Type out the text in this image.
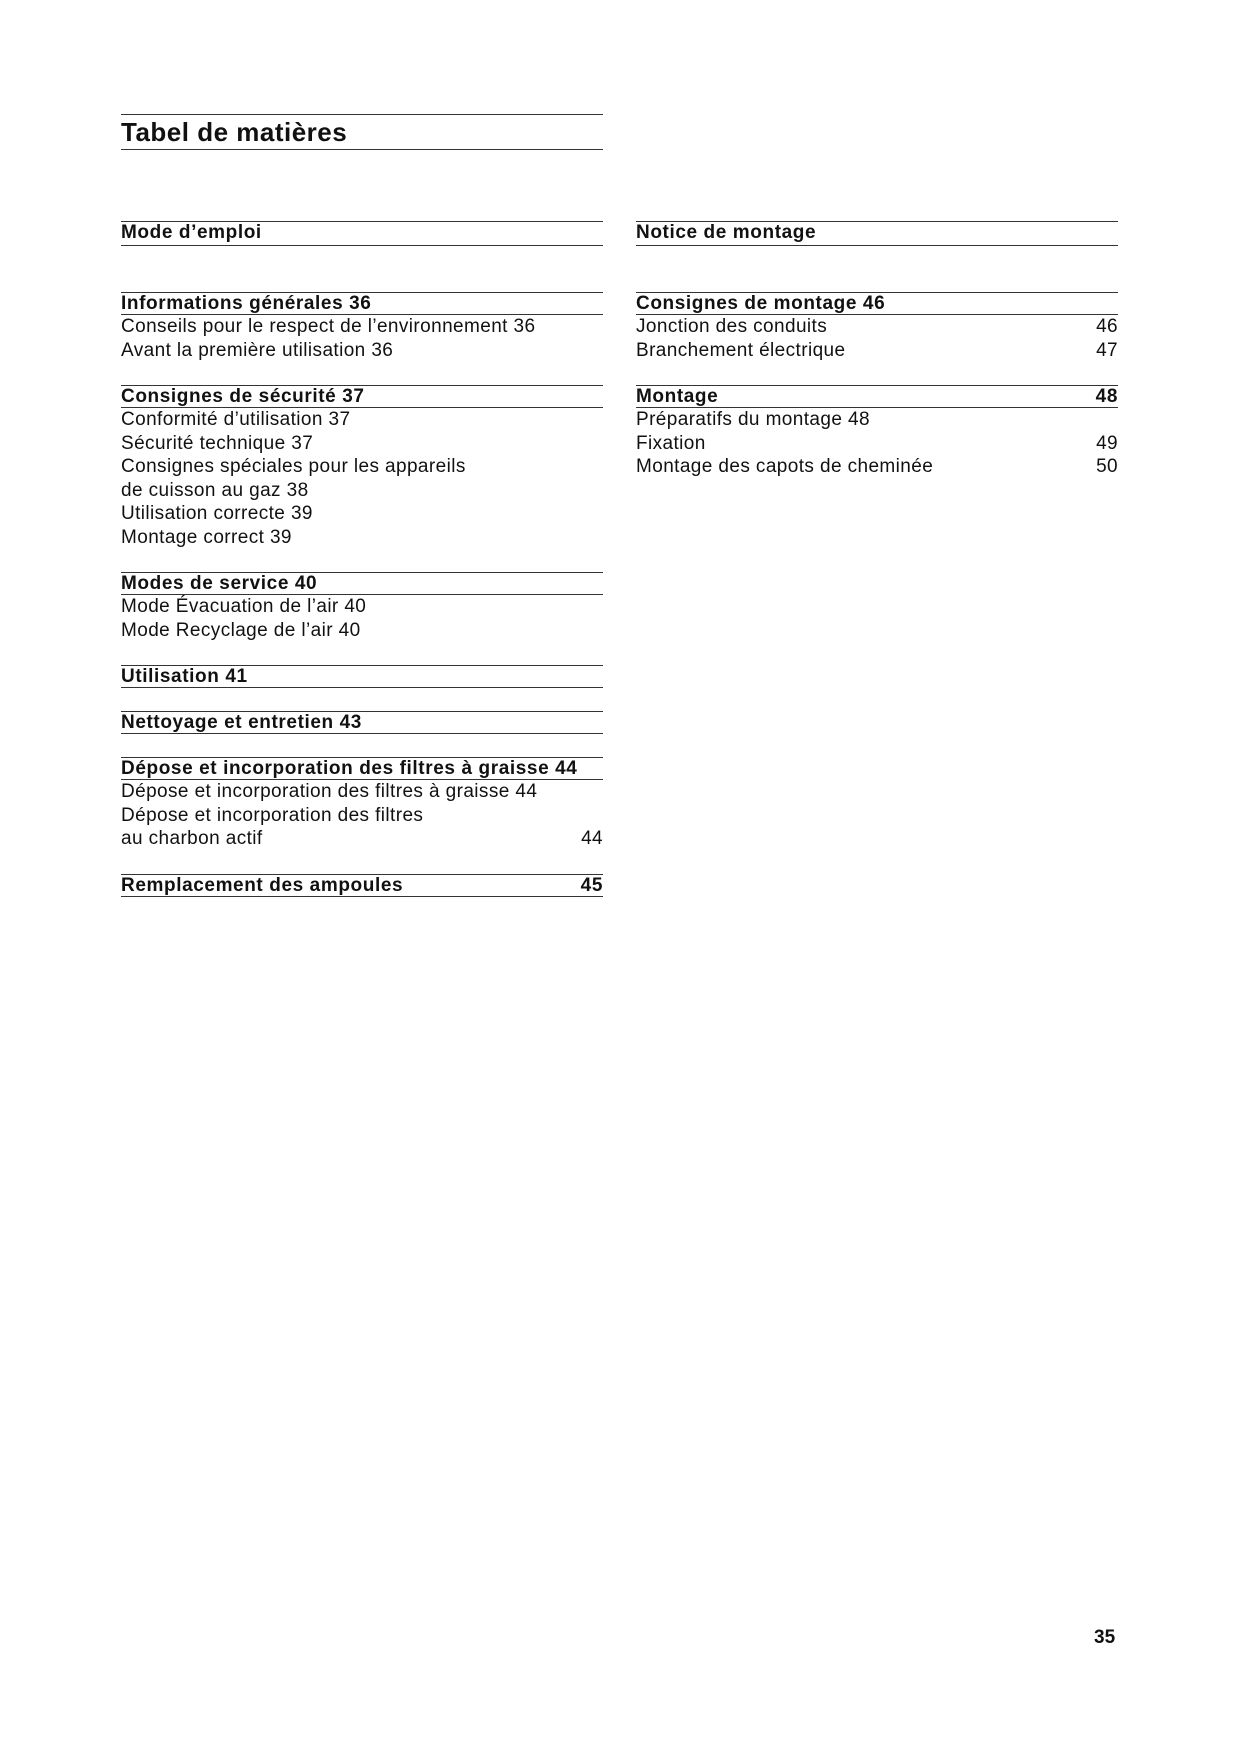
Tabel de matières
Mode d’emploi
Informations générales 36
Conseils pour le respect de l’environnement 36
Avant la première utilisation 36
Consignes de sécurité 37
Conformité d’utilisation 37
Sécurité technique 37
Consignes spéciales pour les appareils
de cuisson au gaz 38
Utilisation correcte 39
Montage correct 39
Modes de service 40
Mode Évacuation de l’air 40
Mode Recyclage de l’air 40
Utilisation 41
Nettoyage et entretien 43
Dépose et incorporation des filtres à graisse 44
Dépose et incorporation des filtres à graisse 44
Dépose et incorporation des filtres
au charbon actif	44
Remplacement des ampoules	45
Notice de montage
Consignes de montage 46
Jonction des conduits	46
Branchement électrique	47
Montage	48
Préparatifs du montage 48
Fixation	49
Montage des capots de cheminée	50
35
